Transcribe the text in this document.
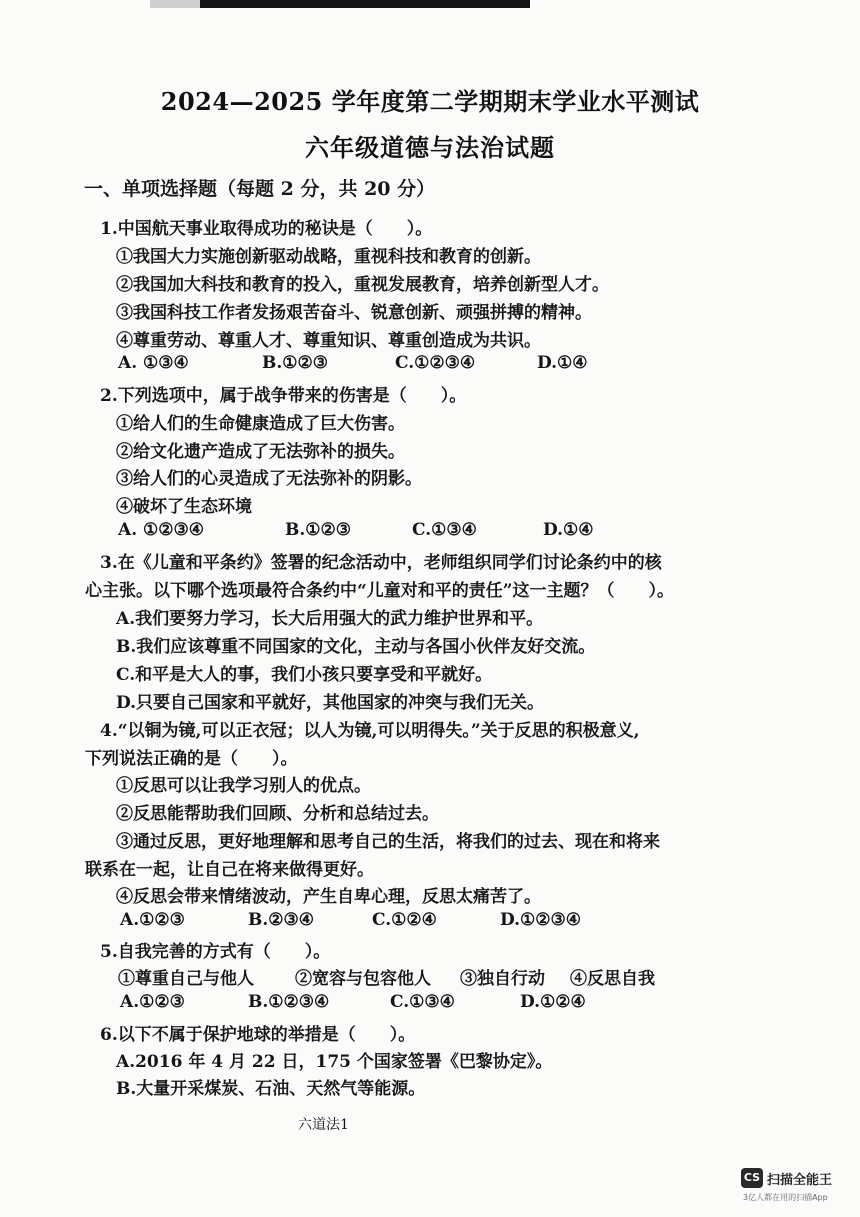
2024—2025 学年度第二学期期末学业水平测试
六年级道德与法治试题
一、单项选择题（每题 2 分，共 20 分）
1.中国航天事业取得成功的秘诀是（　　）。
①我国大力实施创新驱动战略，重视科技和教育的创新。
②我国加大科技和教育的投入，重视发展教育，培养创新型人才。
③我国科技工作者发扬艰苦奋斗、锐意创新、顽强拼搏的精神。
④尊重劳动、尊重人才、尊重知识、尊重创造成为共识。
A. ①③④	B.①②③	C.①②③④	D.①④
2.下列选项中，属于战争带来的伤害是（　　）。
①给人们的生命健康造成了巨大伤害。
②给文化遗产造成了无法弥补的损失。
③给人们的心灵造成了无法弥补的阴影。
④破坏了生态环境
A. ①②③④	B.①②③	C.①③④	D.①④
3.在《儿童和平条约》签署的纪念活动中，老师组织同学们讨论条约中的核
心主张。以下哪个选项最符合条约中“儿童对和平的责任”这一主题？（　　）。
A.我们要努力学习，长大后用强大的武力维护世界和平。
B.我们应该尊重不同国家的文化，主动与各国小伙伴友好交流。
C.和平是大人的事，我们小孩只要享受和平就好。
D.只要自己国家和平就好，其他国家的冲突与我们无关。
4.“以铜为镜,可以正衣冠；以人为镜,可以明得失。”关于反思的积极意义,
下列说法正确的是（　　）。
①反思可以让我学习别人的优点。
②反思能帮助我们回顾、分析和总结过去。
③通过反思，更好地理解和思考自己的生活，将我们的过去、现在和将来
联系在一起，让自己在将来做得更好。
④反思会带来情绪波动，产生自卑心理，反思太痛苦了。
A.①②③	B.②③④	C.①②④	D.①②③④
5.自我完善的方式有（　　）。
①尊重自己与他人 ②宽容与包容他人 ③独自行动 ④反思自我
A.①②③	B.①②③④	C.①③④	D.①②④
6.以下不属于保护地球的举措是（　　）。
A.2016 年 4 月 22 日，175 个国家签署《巴黎协定》。
B.大量开采煤炭、石油、天然气等能源。
六道法1
CS 扫描全能王
3亿人都在用的扫描App
